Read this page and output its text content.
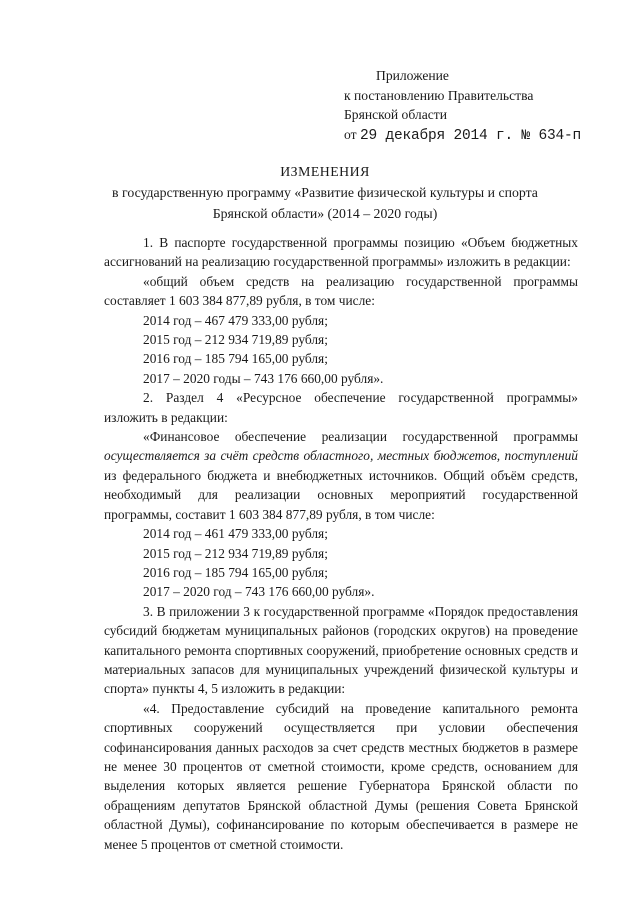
Приложение
к постановлению Правительства
Брянской области
от 29 декабря 2014 г. № 634-п
ИЗМЕНЕНИЯ
в государственную программу «Развитие физической культуры и спорта
Брянской области» (2014 – 2020 годы)

1. В паспорте государственной программы позицию «Объем бюджетных ассигнований на реализацию государственной программы» изложить в редакции:

«общий объем средств на реализацию государственной программы составляет 1 603 384 877,89 рубля, в том числе:

2014 год – 467 479 333,00 рубля;
2015 год – 212 934 719,89 рубля;
2016 год – 185 794 165,00 рубля;
2017 – 2020 годы – 743 176 660,00 рубля».

2. Раздел 4 «Ресурсное обеспечение государственной программы» изложить в редакции:

«Финансовое обеспечение реализации государственной программы осуществляется за счёт средств областного, местных бюджетов, поступлений из федерального бюджета и внебюджетных источников. Общий объём средств, необходимый для реализации основных мероприятий государственной программы, составит 1 603 384 877,89 рубля, в том числе:

2014 год – 461 479 333,00 рубля;
2015 год – 212 934 719,89 рубля;
2016 год – 185 794 165,00 рубля;
2017 – 2020 год – 743 176 660,00 рубля».

3. В приложении 3 к государственной программе «Порядок предоставления субсидий бюджетам муниципальных районов (городских округов) на проведение капитального ремонта спортивных сооружений, приобретение основных средств и материальных запасов для муниципальных учреждений физической культуры и спорта» пункты 4, 5 изложить в редакции:

«4. Предоставление субсидий на проведение капитального ремонта спортивных сооружений осуществляется при условии обеспечения софинансирования данных расходов за счет средств местных бюджетов в размере не менее 30 процентов от сметной стоимости, кроме средств, основанием для выделения которых является решение Губернатора Брянской области по обращениям депутатов Брянской областной Думы (решения Совета Брянской областной Думы), софинансирование по которым обеспечивается в размере не менее 5 процентов от сметной стоимости.
